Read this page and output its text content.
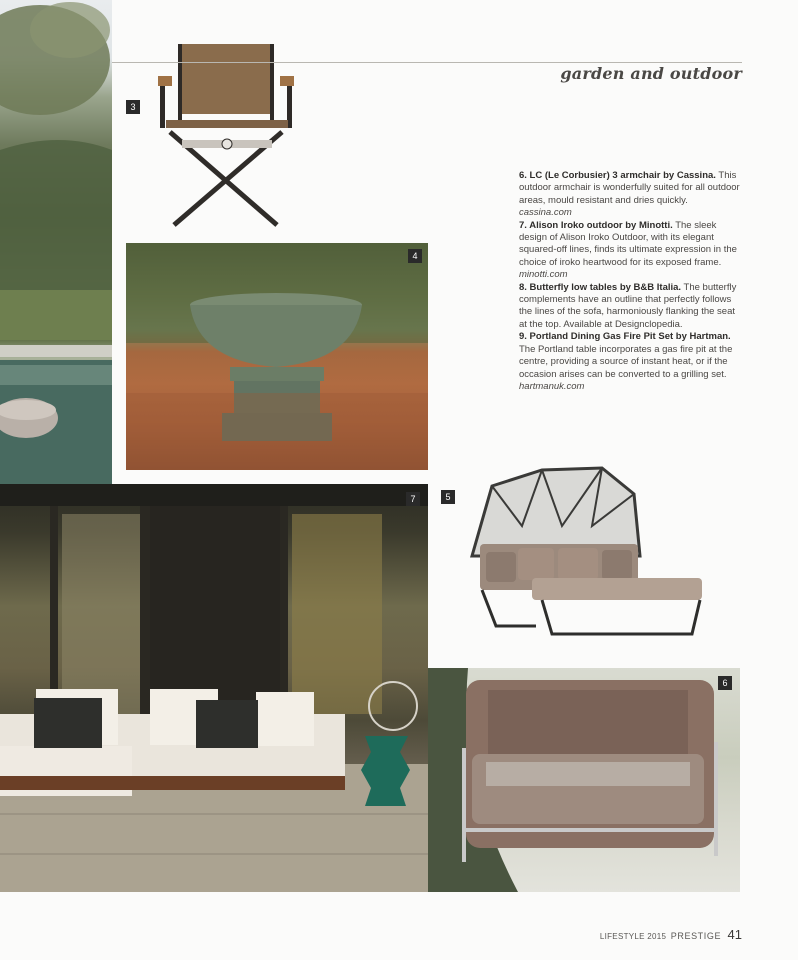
3
garden and outdoor
4

6. LC (Le Corbusier) 3 armchair by Cassina. This outdoor armchair is wonderfully suited for all outdoor areas, mould resistant and dries quickly. cassina.com

7. Alison Iroko outdoor by Minotti. The sleek design of Alison Iroko Outdoor, with its elegant squared-off lines, finds its ultimate expression in the choice of iroko heartwood for its exposed frame. minotti.com

8. Butterfly low tables by B&B Italia. The butterfly complements have an outline that perfectly follows the lines of the sofa, harmoniously flanking the seat at the top. Available at Designclopedia.

9. Portland Dining Gas Fire Pit Set by Hartman. The Portland table incorporates a gas fire pit at the centre, providing a source of instant heat, or if the occasion arises can be converted to a grilling set. hartmanuk.com

7	5
6
LIFESTYLE 2015 PRESTIGE 41
